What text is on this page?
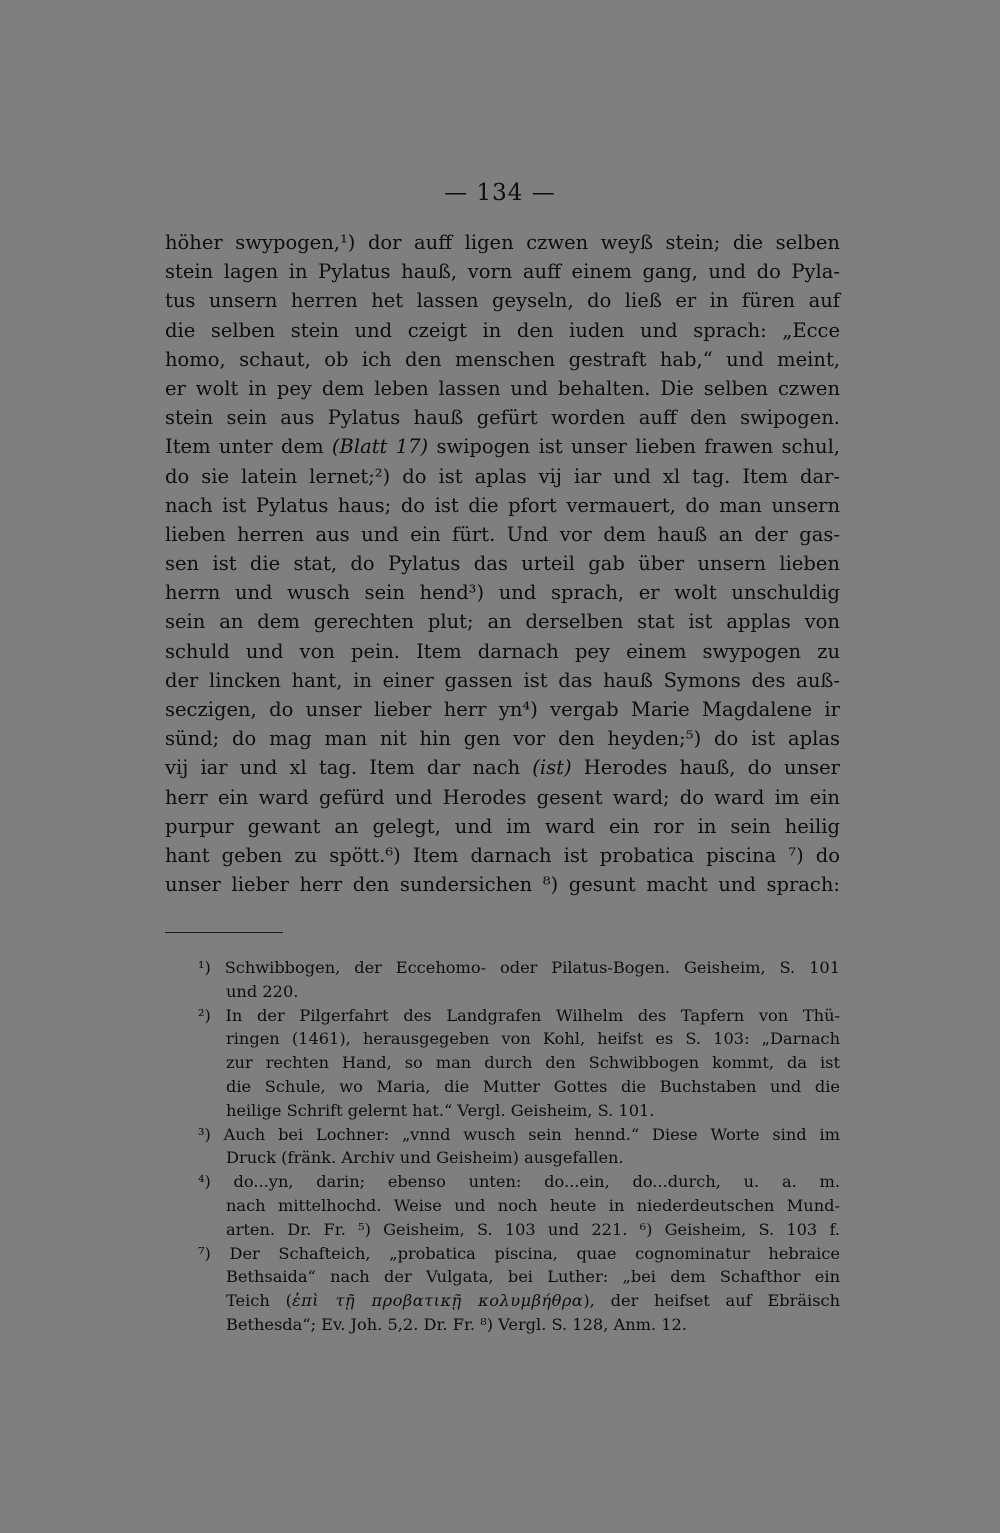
— 134 —
höher swypogen,¹) dor auff ligen czwen weyß stein; die selben
stein lagen in Pylatus hauß, vorn auff einem gang, und do Pyla-
tus unsern herren het lassen geyseln, do ließ er in füren auf
die selben stein und czeigt in den iuden und sprach: „Ecce
homo, schaut, ob ich den menschen gestraft hab,“ und meint,
er wolt in pey dem leben lassen und behalten. Die selben czwen
stein sein aus Pylatus hauß gefürt worden auff den swipogen.
Item unter dem (Blatt 17) swipogen ist unser lieben frawen schul,
do sie latein lernet;²) do ist aplas vij iar und xl tag. Item dar-
nach ist Pylatus haus; do ist die pfort vermauert, do man unsern
lieben herren aus und ein fürt. Und vor dem hauß an der gas-
sen ist die stat, do Pylatus das urteil gab über unsern lieben
herrn und wusch sein hend³) und sprach, er wolt unschuldig
sein an dem gerechten plut; an derselben stat ist applas von
schuld und von pein. Item darnach pey einem swypogen zu
der lincken hant, in einer gassen ist das hauß Symons des auß-
seczigen, do unser lieber herr yn⁴) vergab Marie Magdalene ir
sünd; do mag man nit hin gen vor den heyden;⁵) do ist aplas
vij iar und xl tag. Item dar nach (ist) Herodes hauß, do unser
herr ein ward gefürd und Herodes gesent ward; do ward im ein
purpur gewant an gelegt, und im ward ein ror in sein heilig
hant geben zu spött.⁶) Item darnach ist probatica piscina ⁷) do
unser lieber herr den sundersichen ⁸) gesunt macht und sprach:
¹) Schwibbogen, der Eccehomo- oder Pilatus-Bogen. Geisheim, S. 101
und 220.
²) In der Pilgerfahrt des Landgrafen Wilhelm des Tapfern von Thü-
ringen (1461), herausgegeben von Kohl, heifst es S. 103: „Darnach
zur rechten Hand, so man durch den Schwibbogen kommt, da ist
die Schule, wo Maria, die Mutter Gottes die Buchstaben und die
heilige Schrift gelernt hat.“ Vergl. Geisheim, S. 101.
³) Auch bei Lochner: „vnnd wusch sein hennd.“ Diese Worte sind im
Druck (fränk. Archiv und Geisheim) ausgefallen.
⁴) do...yn, darin; ebenso unten: do...ein, do...durch, u. a. m.
nach mittelhochd. Weise und noch heute in niederdeutschen Mund-
arten. Dr. Fr. ⁵) Geisheim, S. 103 und 221. ⁶) Geisheim, S. 103 f.
⁷) Der Schafteich, „probatica piscina, quae cognominatur hebraice
Bethsaida“ nach der Vulgata, bei Luther: „bei dem Schafthor ein
Teich (ἐπὶ τῇ προβατικῇ κολυμβήθρα), der heifset auf Ebräisch
Bethesda“; Ev. Joh. 5,2. Dr. Fr. ⁸) Vergl. S. 128, Anm. 12.
